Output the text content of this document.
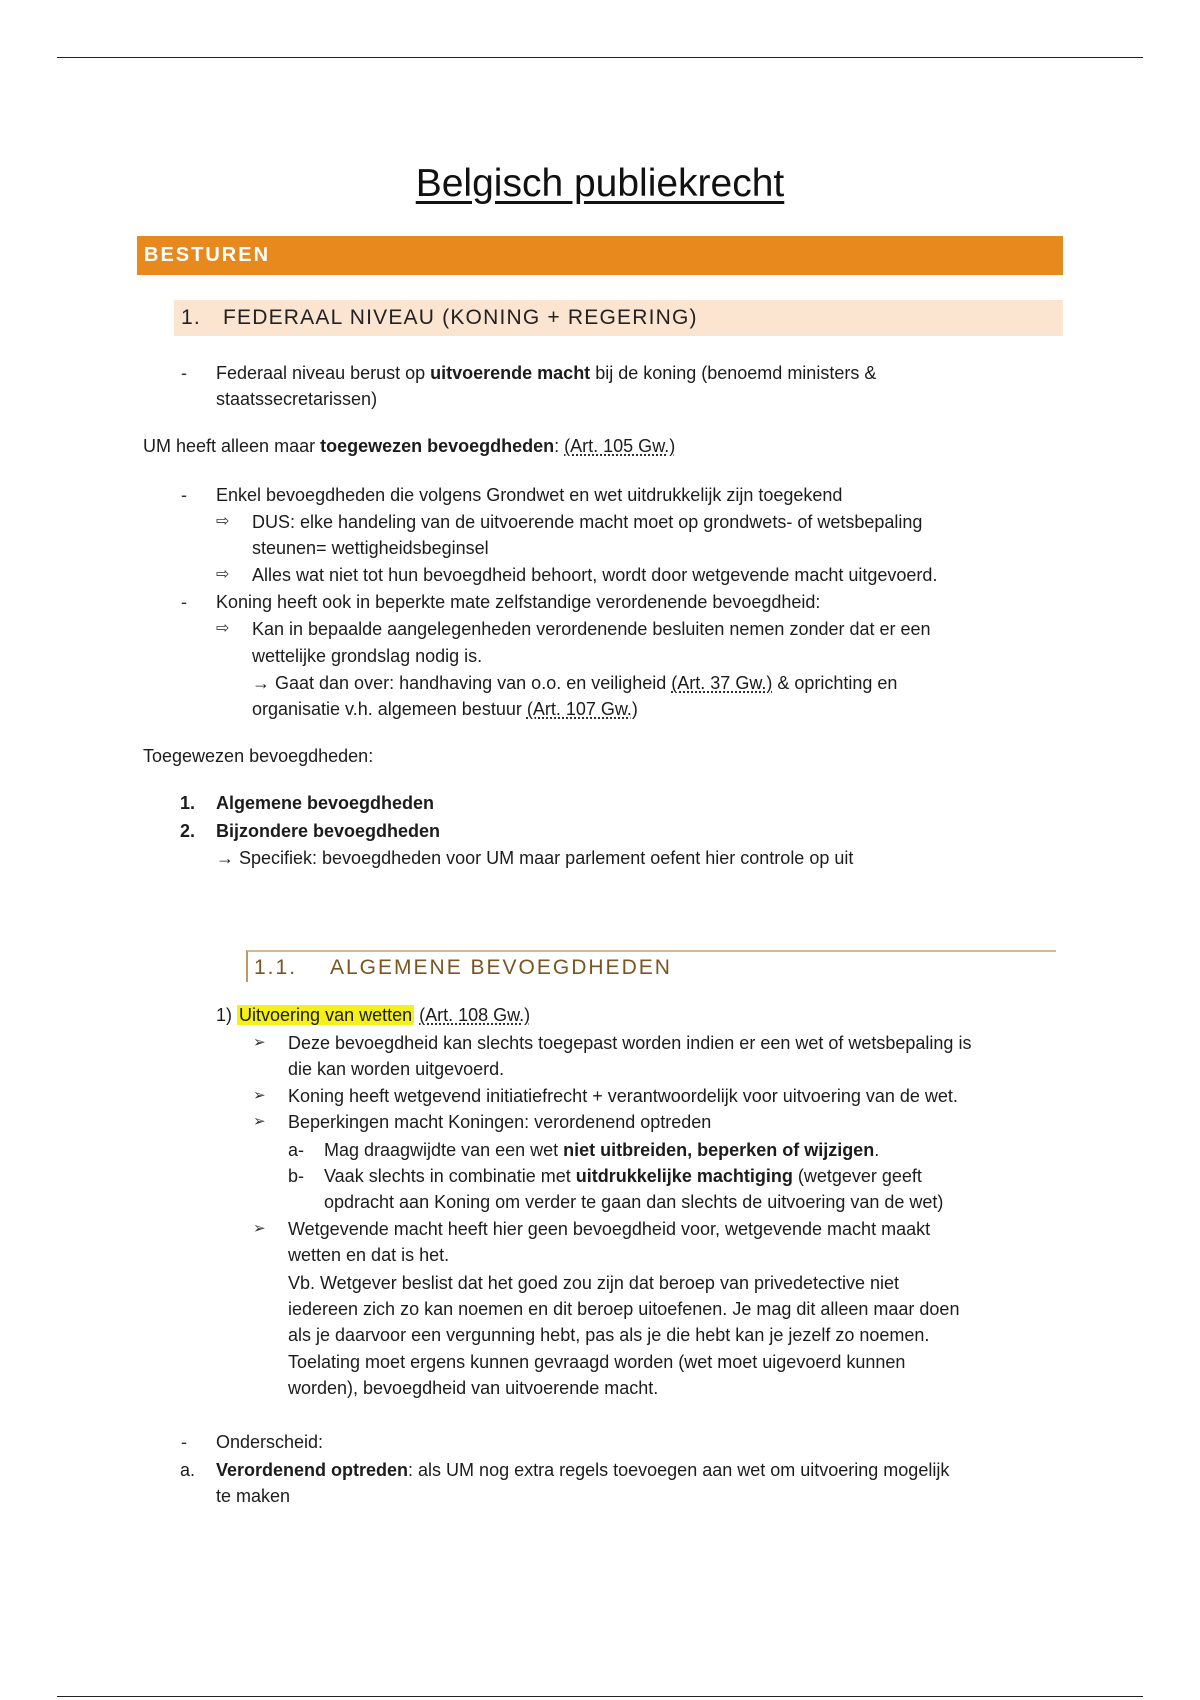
Belgisch publiekrecht
BESTUREN
1. FEDERAAL NIVEAU (KONING + REGERING)
- Federaal niveau berust op uitvoerende macht bij de koning (benoemd ministers &
staatssecretarissen)
UM heeft alleen maar toegewezen bevoegdheden: (Art. 105 Gw.)
- Enkel bevoegdheden die volgens Grondwet en wet uitdrukkelijk zijn toegekend
⇨ DUS: elke handeling van de uitvoerende macht moet op grondwets- of wetsbepaling
steunen= wettigheidsbeginsel
⇨ Alles wat niet tot hun bevoegdheid behoort, wordt door wetgevende macht uitgevoerd.
- Koning heeft ook in beperkte mate zelfstandige verordenende bevoegdheid:
⇨ Kan in bepaalde aangelegenheden verordenende besluiten nemen zonder dat er een
wettelijke grondslag nodig is.
→ Gaat dan over: handhaving van o.o. en veiligheid (Art. 37 Gw.) & oprichting en
organisatie v.h. algemeen bestuur (Art. 107 Gw.)
Toegewezen bevoegdheden:
1. Algemene bevoegdheden
2. Bijzondere bevoegdheden
→ Specifiek: bevoegdheden voor UM maar parlement oefent hier controle op uit
1.1. ALGEMENE BEVOEGDHEDEN
1) Uitvoering van wetten (Art. 108 Gw.)
➢ Deze bevoegdheid kan slechts toegepast worden indien er een wet of wetsbepaling is
die kan worden uitgevoerd.
➢ Koning heeft wetgevend initiatiefrecht + verantwoordelijk voor uitvoering van de wet.
➢ Beperkingen macht Koningen: verordenend optreden
a- Mag draagwijdte van een wet niet uitbreiden, beperken of wijzigen.
b- Vaak slechts in combinatie met uitdrukkelijke machtiging (wetgever geeft
opdracht aan Koning om verder te gaan dan slechts de uitvoering van de wet)
➢ Wetgevende macht heeft hier geen bevoegdheid voor, wetgevende macht maakt
wetten en dat is het.
Vb. Wetgever beslist dat het goed zou zijn dat beroep van privedetective niet
iedereen zich zo kan noemen en dit beroep uitoefenen. Je mag dit alleen maar doen
als je daarvoor een vergunning hebt, pas als je die hebt kan je jezelf zo noemen.
Toelating moet ergens kunnen gevraagd worden (wet moet uigevoerd kunnen
worden), bevoegdheid van uitvoerende macht.
- Onderscheid:
a. Verordenend optreden: als UM nog extra regels toevoegen aan wet om uitvoering mogelijk
te maken
